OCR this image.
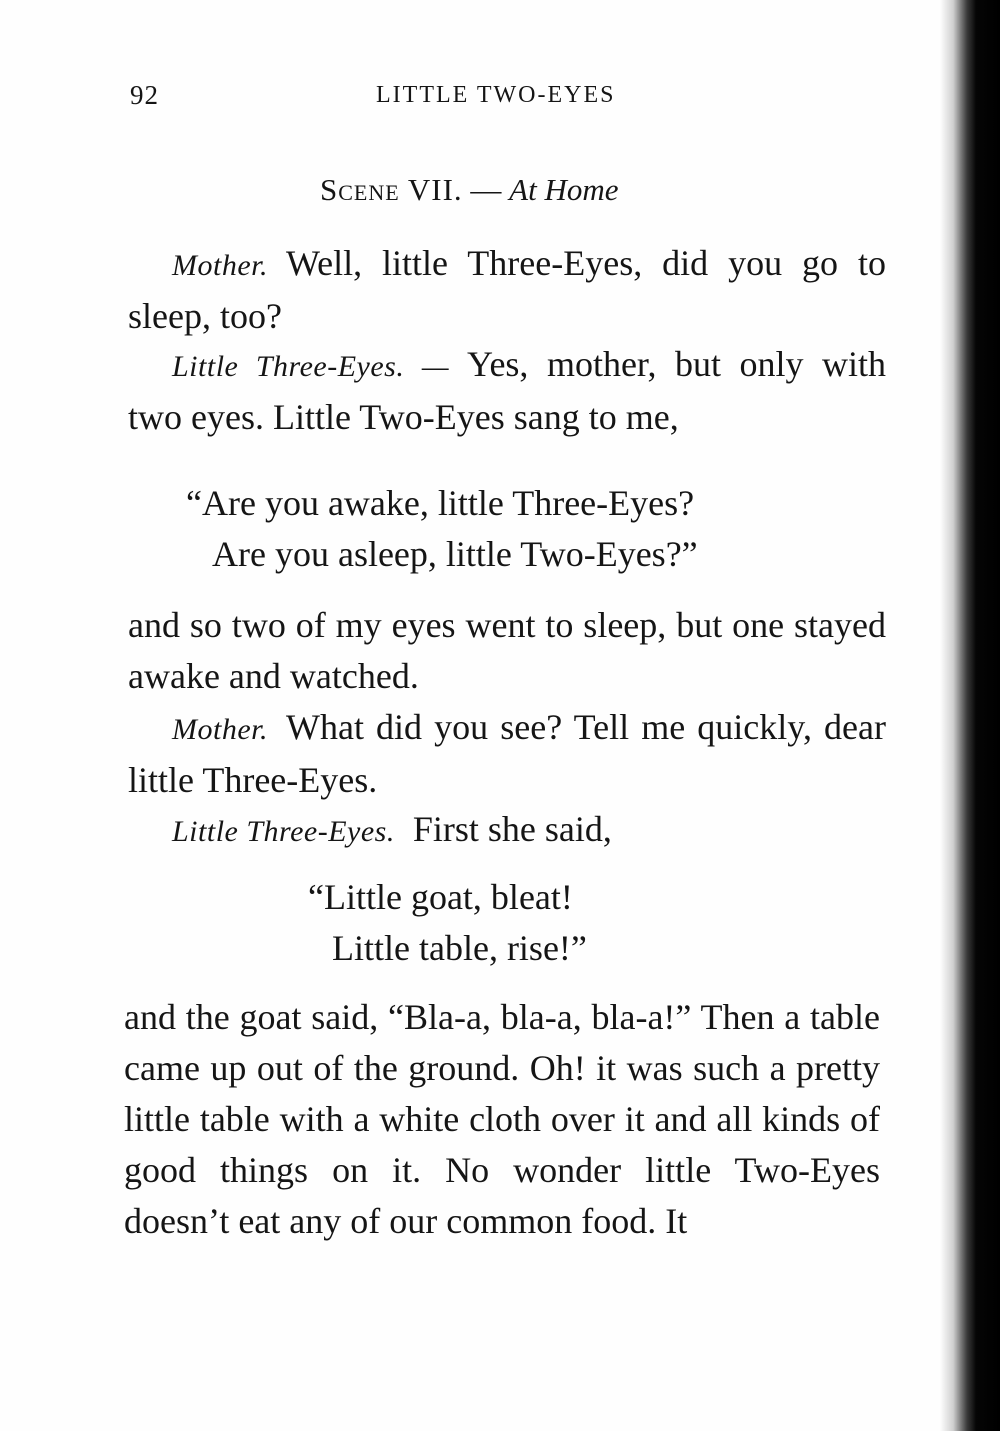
92	LITTLE TWO-EYES
Scene VII. — At Home

Mother. Well, little Three-Eyes, did you go to sleep, too?

Little Three-Eyes. — Yes, mother, but only with two eyes. Little Two-Eyes sang to me,

“Are you awake, little Three-Eyes?

Are you asleep, little Two-Eyes?”

and so two of my eyes went to sleep, but one stayed awake and watched.

Mother. What did you see? Tell me quickly, dear little Three-Eyes.

Little Three-Eyes. First she said,

“Little goat, bleat!

Little table, rise!”

and the goat said, “Bla-a, bla-a, bla-a!” Then a table came up out of the ground. Oh! it was such a pretty little table with a white cloth over it and all kinds of good things on it. No wonder little Two-Eyes doesn’t eat any of our common food. It
